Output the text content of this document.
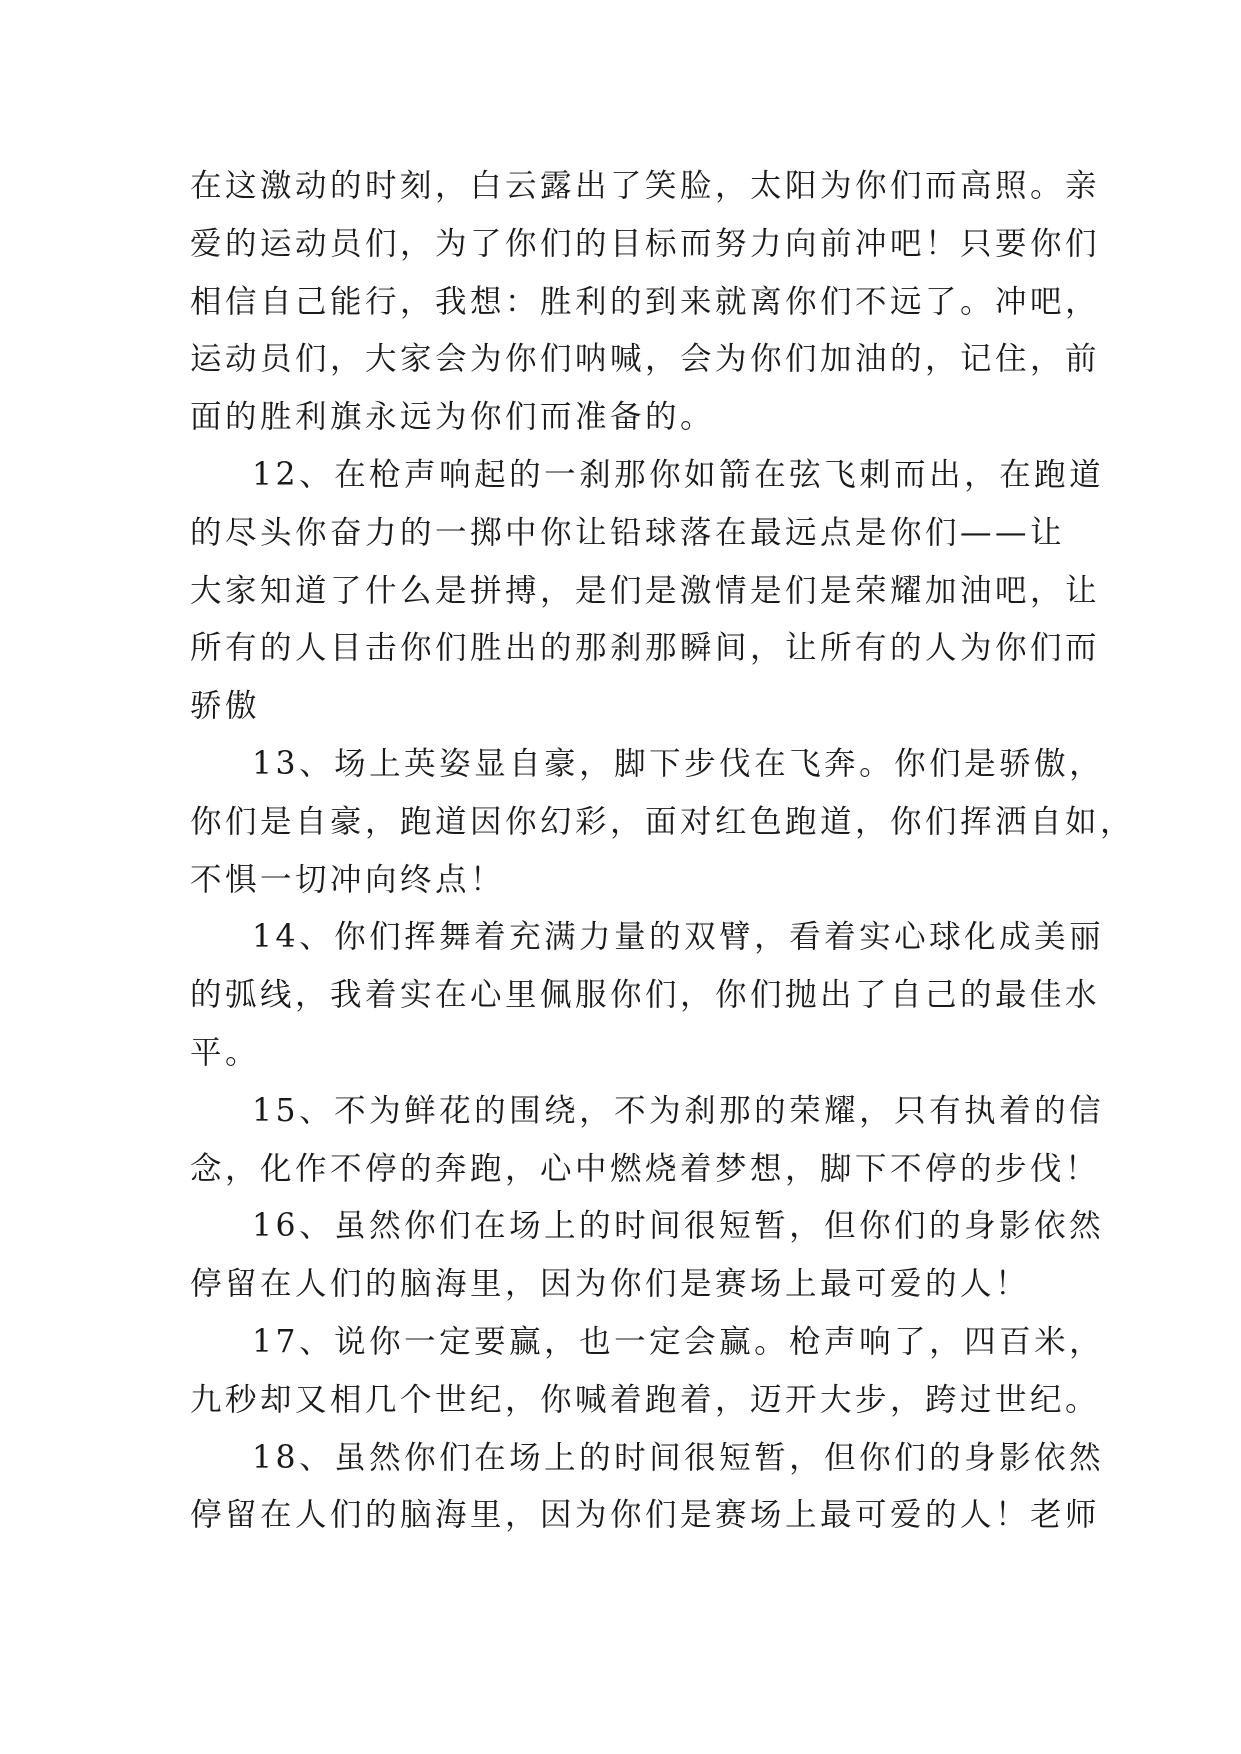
在这激动的时刻，白云露出了笑脸，太阳为你们而高照。亲
爱的运动员们，为了你们的目标而努力向前冲吧！只要你们
相信自己能行，我想：胜利的到来就离你们不远了。冲吧，
运动员们，大家会为你们呐喊，会为你们加油的，记住，前
面的胜利旗永远为你们而准备的。
12、在枪声响起的一刹那你如箭在弦飞刺而出，在跑道
的尽头你奋力的一掷中你让铅球落在最远点是你们——让
大家知道了什么是拼搏，是们是激情是们是荣耀加油吧，让
所有的人目击你们胜出的那刹那瞬间，让所有的人为你们而
骄傲
13、场上英姿显自豪，脚下步伐在飞奔。你们是骄傲，
你们是自豪，跑道因你幻彩，面对红色跑道，你们挥洒自如，
不惧一切冲向终点！
14、你们挥舞着充满力量的双臂，看着实心球化成美丽
的弧线，我着实在心里佩服你们，你们抛出了自己的最佳水
平。
15、不为鲜花的围绕，不为刹那的荣耀，只有执着的信
念，化作不停的奔跑，心中燃烧着梦想，脚下不停的步伐！
16、虽然你们在场上的时间很短暂，但你们的身影依然
停留在人们的脑海里，因为你们是赛场上最可爱的人！
17、说你一定要赢，也一定会赢。枪声响了，四百米，
九秒却又相几个世纪，你喊着跑着，迈开大步，跨过世纪。
18、虽然你们在场上的时间很短暂，但你们的身影依然
停留在人们的脑海里，因为你们是赛场上最可爱的人！老师
